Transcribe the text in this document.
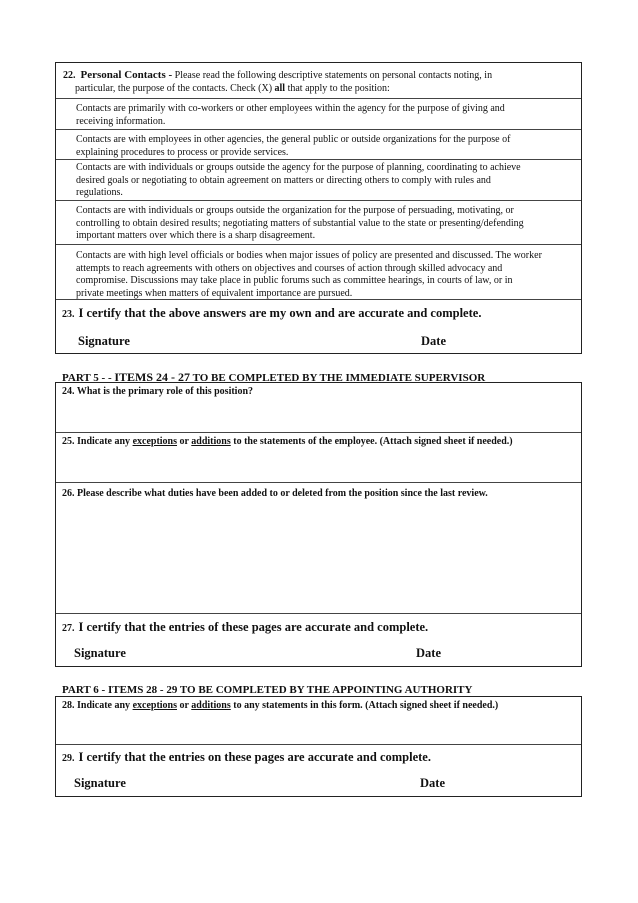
22. Personal Contacts - Please read the following descriptive statements on personal contacts noting, in
particular, the purpose of the contacts. Check (X) all that apply to the position:
Contacts are primarily with co-workers or other employees within the agency for the purpose of giving and
receiving information.
Contacts are with employees in other agencies, the general public or outside organizations for the purpose of
explaining procedures to process or provide services.
Contacts are with individuals or groups outside the agency for the purpose of planning, coordinating to achieve
desired goals or negotiating to obtain agreement on matters or directing others to comply with rules and
regulations.
Contacts are with individuals or groups outside the organization for the purpose of persuading, motivating, or
controlling to obtain desired results; negotiating matters of substantial value to the state or presenting/defending
important matters over which there is a sharp disagreement.
Contacts are with high level officials or bodies when major issues of policy are presented and discussed. The worker
attempts to reach agreements with others on objectives and courses of action through skilled advocacy and
compromise. Discussions may take place in public forums such as committee hearings, in courts of law, or in
private meetings when matters of equivalent importance are pursued.
23. I certify that the above answers are my own and are accurate and complete.
Signature	Date
PART 5 - - ITEMS 24 - 27 TO BE COMPLETED BY THE IMMEDIATE SUPERVISOR
24. What is the primary role of this position?
25. Indicate any exceptions or additions to the statements of the employee. (Attach signed sheet if needed.)
26. Please describe what duties have been added to or deleted from the position since the last review.
27. I certify that the entries of these pages are accurate and complete.
Signature	Date
PART 6 - ITEMS 28 - 29 TO BE COMPLETED BY THE APPOINTING AUTHORITY
28. Indicate any exceptions or additions to any statements in this form. (Attach signed sheet if needed.)
29. I certify that the entries on these pages are accurate and complete.
Signature	Date
